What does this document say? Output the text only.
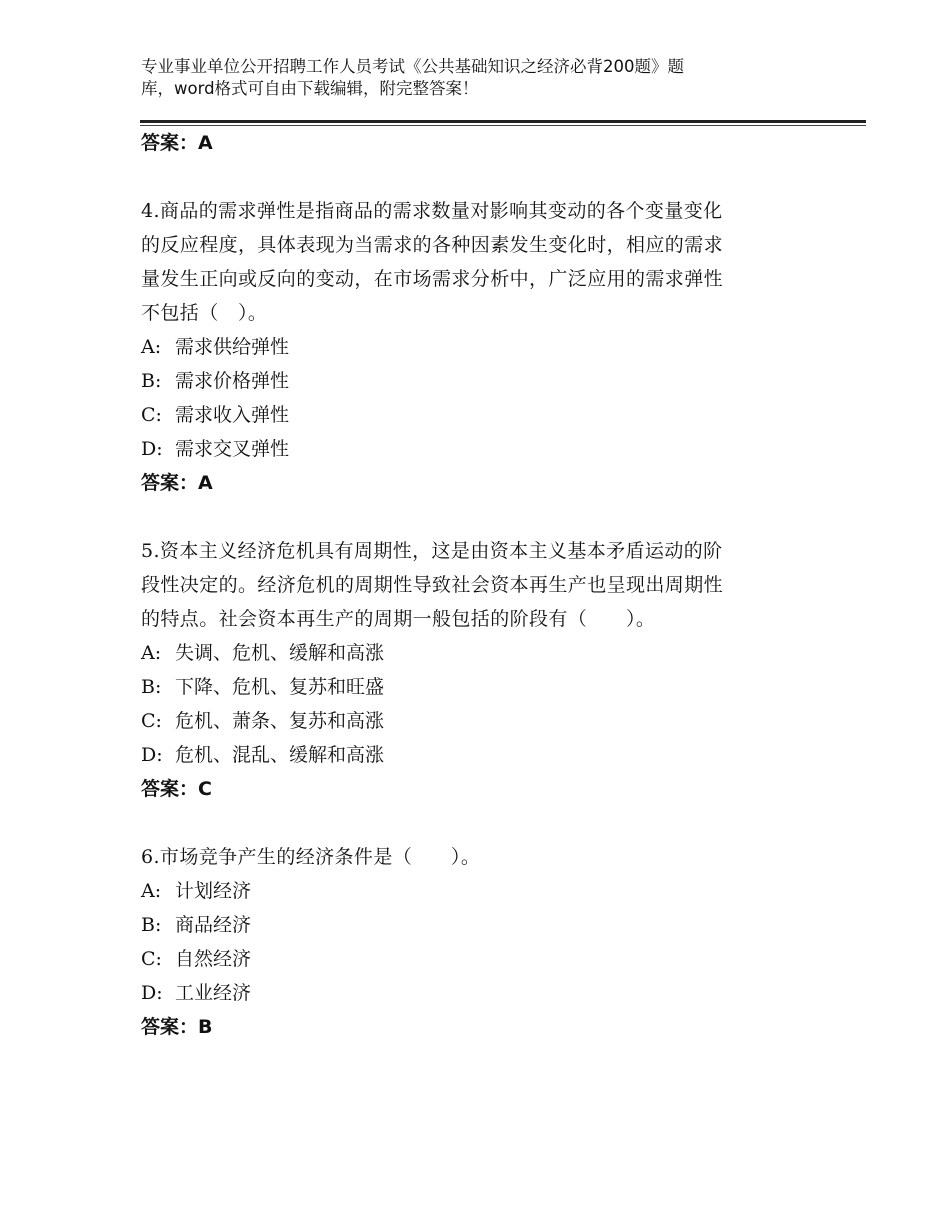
专业事业单位公开招聘工作人员考试《公共基础知识之经济必背200题》题
库，word格式可自由下载编辑，附完整答案！
答案：A
4.商品的需求弹性是指商品的需求数量对影响其变动的各个变量变化
的反应程度，具体表现为当需求的各种因素发生变化时，相应的需求
量发生正向或反向的变动，在市场需求分析中，广泛应用的需求弹性
不包括（　）。
A: 需求供给弹性
B: 需求价格弹性
C: 需求收入弹性
D: 需求交叉弹性
答案：A
5.资本主义经济危机具有周期性，这是由资本主义基本矛盾运动的阶
段性决定的。经济危机的周期性导致社会资本再生产也呈现出周期性
的特点。社会资本再生产的周期一般包括的阶段有（　　）。
A: 失调、危机、缓解和高涨
B: 下降、危机、复苏和旺盛
C: 危机、萧条、复苏和高涨
D: 危机、混乱、缓解和高涨
答案：C
6.市场竞争产生的经济条件是（　　）。
A: 计划经济
B: 商品经济
C: 自然经济
D: 工业经济
答案：B
